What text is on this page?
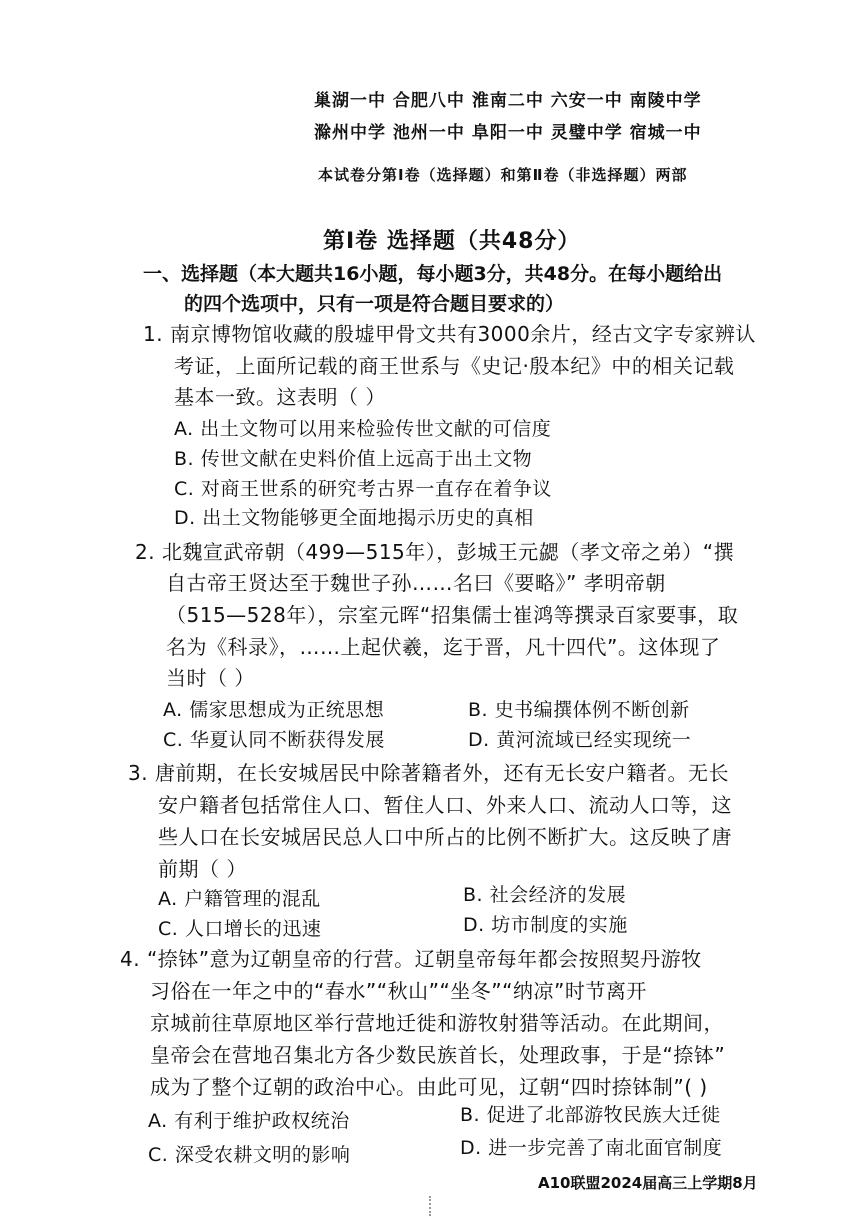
巢湖一中 合肥八中 淮南二中 六安一中 南陵中学
滁州中学 池州一中 阜阳一中 灵璧中学 宿城一中
本试卷分第Ⅰ卷（选择题）和第Ⅱ卷（非选择题）两部
第Ⅰ卷 选择题（共48分）
一、选择题（本大题共16小题，每小题3分，共48分。在每小题给出
的四个选项中，只有一项是符合题目要求的）
1. 南京博物馆收藏的殷墟甲骨文共有3000余片，经古文字专家辨认
考证，上面所记载的商王世系与《史记·殷本纪》中的相关记载
基本一致。这表明（ ）
A. 出土文物可以用来检验传世文献的可信度
B. 传世文献在史料价值上远高于出土文物
C. 对商王世系的研究考古界一直存在着争议
D. 出土文物能够更全面地揭示历史的真相
2. 北魏宣武帝朝（499—515年），彭城王元勰（孝文帝之弟）“撰
自古帝王贤达至于魏世子孙……名曰《要略》” 孝明帝朝
（515—528年），宗室元晖“招集儒士崔鸿等撰录百家要事，取
名为《科录》，……上起伏羲，迄于晋，凡十四代”。这体现了
当时（ ）
A. 儒家思想成为正统思想	B. 史书编撰体例不断创新
C. 华夏认同不断获得发展	D. 黄河流域已经实现统一
3. 唐前期，在长安城居民中除著籍者外，还有无长安户籍者。无长
安户籍者包括常住人口、暂住人口、外来人口、流动人口等，这
些人口在长安城居民总人口中所占的比例不断扩大。这反映了唐
前期（ ）
A. 户籍管理的混乱	B. 社会经济的发展
C. 人口增长的迅速	D. 坊市制度的实施
4. “捺钵”意为辽朝皇帝的行营。辽朝皇帝每年都会按照契丹游牧
习俗在一年之中的“春水”“秋山”“坐冬”“纳凉”时节离开
京城前往草原地区举行营地迁徙和游牧射猎等活动。在此期间，
皇帝会在营地召集北方各少数民族首长，处理政事，于是“捺钵”
成为了整个辽朝的政治中心。由此可见，辽朝“四时捺钵制”( )
A. 有利于维护政权统治	B. 促进了北部游牧民族大迁徙
C. 深受农耕文明的影响	D. 进一步完善了南北面官制度
A10联盟2024届高三上学期8月
